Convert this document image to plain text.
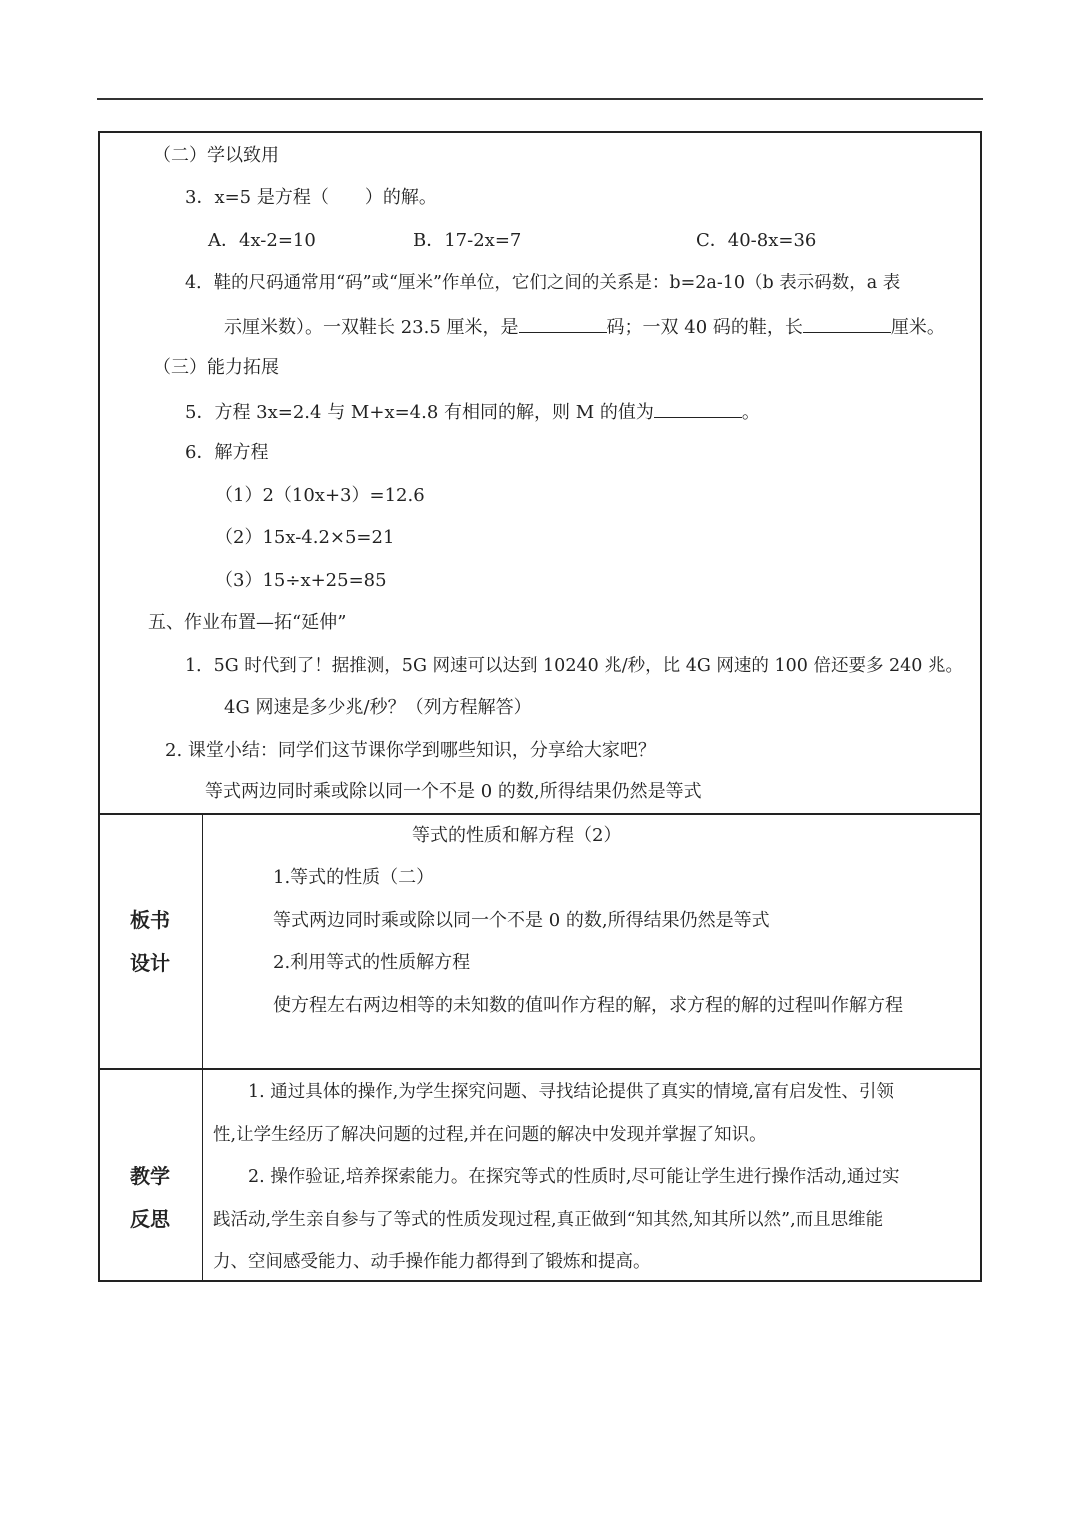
（二）学以致用
3．x=5 是方程（　　）的解。
A．4x-2=10	B．17-2x=7	C．40-8x=36
4．鞋的尺码通常用“码”或“厘米”作单位，它们之间的关系是：b=2a-10（b 表示码数，a 表
示厘米数）。一双鞋长 23.5 厘米，是	码；一双 40 码的鞋，长	厘米。
（三）能力拓展
5．方程 3x=2.4 与 M+x=4.8 有相同的解，则 M 的值为	。
6．解方程
（1）2（10x+3）=12.6
（2）15x-4.2×5=21
（3）15÷x+25=85
五、作业布置—拓“延伸”
1．5G 时代到了！据推测，5G 网速可以达到 10240 兆/秒，比 4G 网速的 100 倍还要多 240 兆。
4G 网速是多少兆/秒？（列方程解答）
2. 课堂小结：同学们这节课你学到哪些知识，分享给大家吧？
等式两边同时乘或除以同一个不是 0 的数,所得结果仍然是等式
板书
设计
等式的性质和解方程（2）
1.等式的性质（二）
等式两边同时乘或除以同一个不是 0 的数,所得结果仍然是等式
2.利用等式的性质解方程
使方程左右两边相等的未知数的值叫作方程的解，求方程的解的过程叫作解方程
教学
反思
1. 通过具体的操作,为学生探究问题、寻找结论提供了真实的情境,富有启发性、引领
性,让学生经历了解决问题的过程,并在问题的解决中发现并掌握了知识。
2. 操作验证,培养探索能力。在探究等式的性质时,尽可能让学生进行操作活动,通过实
践活动,学生亲自参与了等式的性质发现过程,真正做到“知其然,知其所以然”,而且思维能
力、空间感受能力、动手操作能力都得到了锻炼和提高。
